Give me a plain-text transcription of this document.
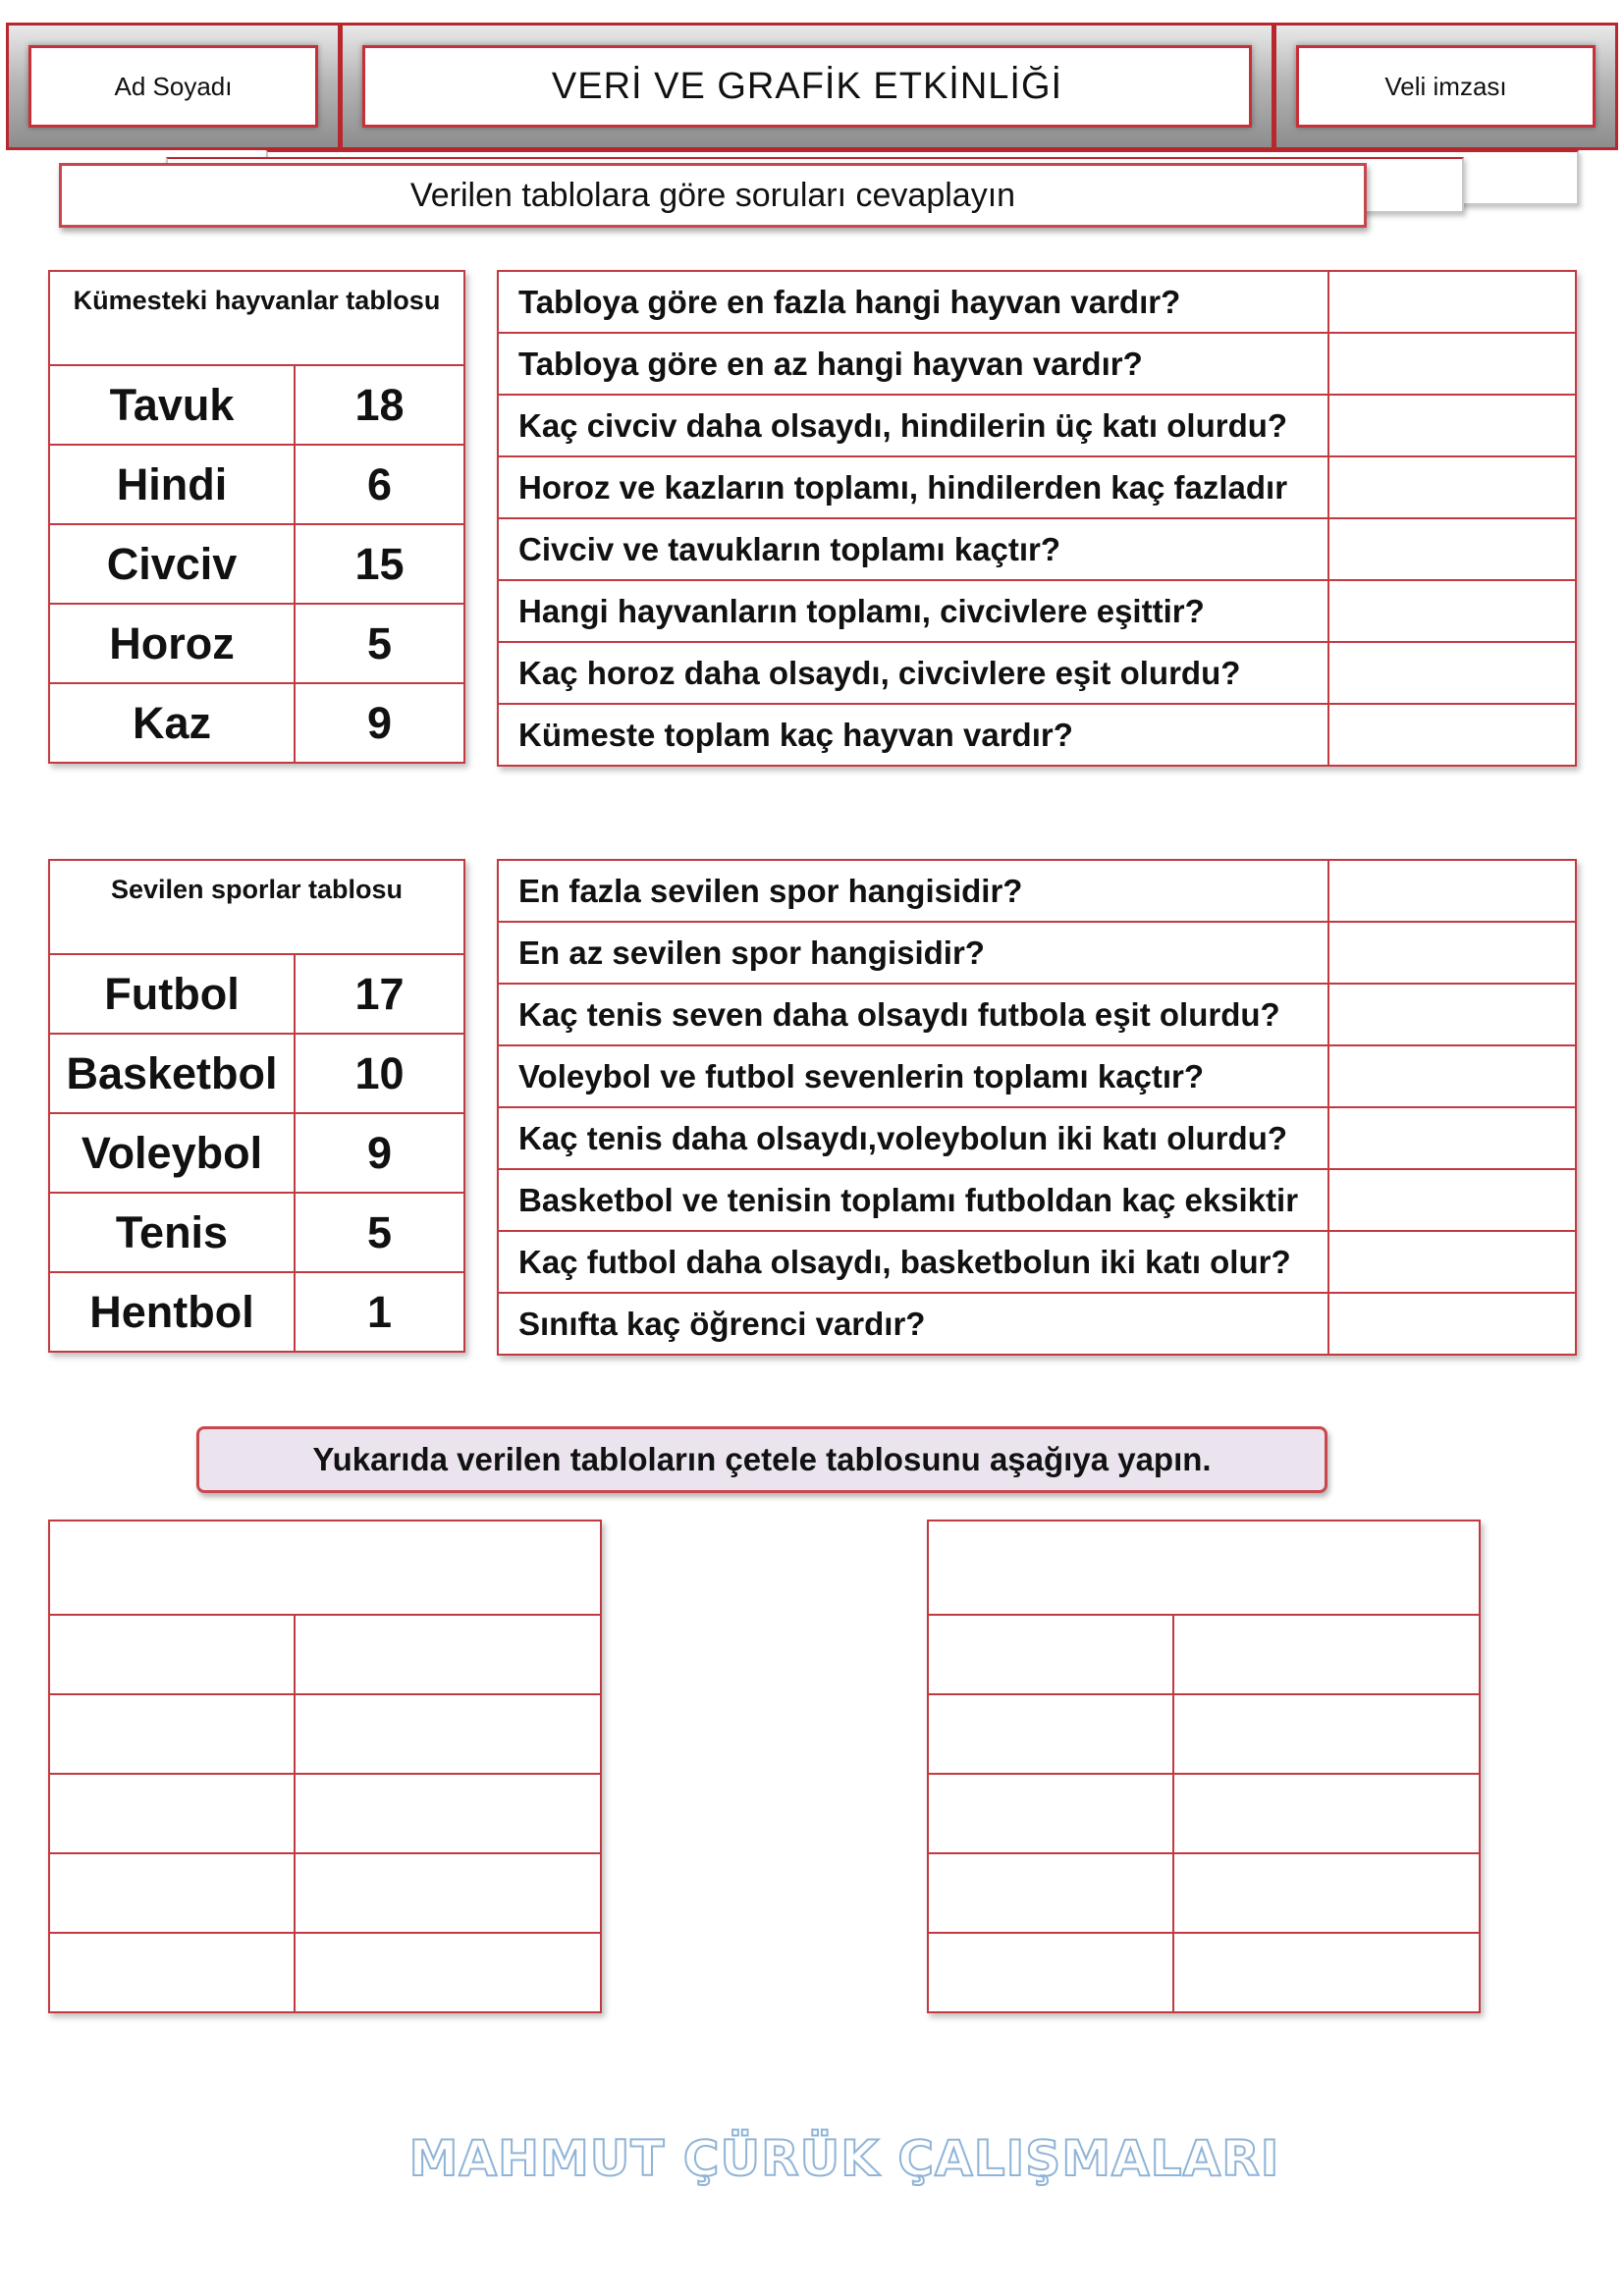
Ad Soyadı	VERİ VE GRAFİK ETKİNLİĞİ	Veli imzası
Verilen tablolara göre soruları cevaplayın
Kümesteki hayvanlar tablosu	
Tavuk	18
Hindi	6
Civciv	15
Horoz	5
Kaz	9
Tabloya göre en fazla hangi hayvan vardır?	
Tabloya göre en az hangi hayvan vardır?	
Kaç civciv daha olsaydı, hindilerin üç katı olurdu?	
Horoz ve kazların toplamı, hindilerden kaç fazladır	
Civciv ve tavukların toplamı kaçtır?	
Hangi hayvanların toplamı, civcivlere eşittir?	
Kaç horoz daha olsaydı, civcivlere eşit olurdu?	
Kümeste toplam kaç hayvan vardır?	
Sevilen sporlar tablosu	
Futbol	17
Basketbol	10
Voleybol	9
Tenis	5
Hentbol	1
En fazla sevilen spor hangisidir?	
En az sevilen spor hangisidir?	
Kaç tenis seven daha olsaydı futbola eşit olurdu?	
Voleybol ve futbol sevenlerin toplamı kaçtır?	
Kaç tenis daha olsaydı,voleybolun iki katı olurdu?	
Basketbol ve tenisin toplamı futboldan kaç eksiktir	
Kaç futbol daha olsaydı, basketbolun iki katı olur?	
Sınıfta kaç öğrenci vardır?	
Yukarıda verilen tabloların çetele tablosunu aşağıya yapın.

MAHMUT ÇÜRÜK ÇALIŞMALARI
